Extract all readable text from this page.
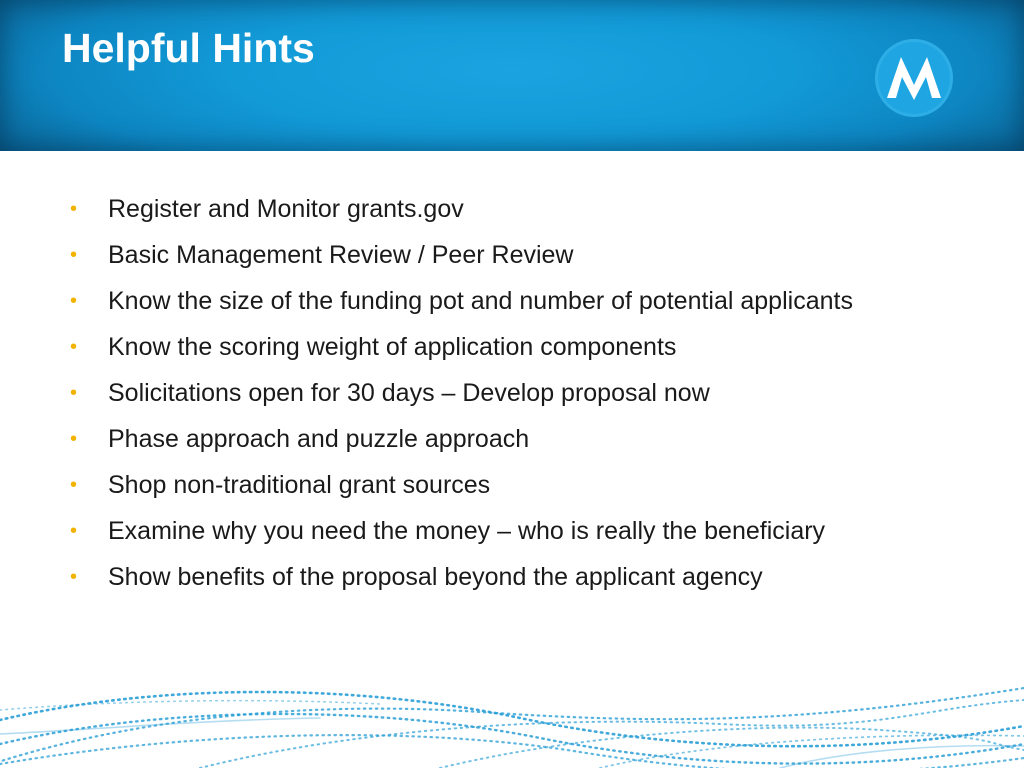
Helpful Hints
• Register and Monitor grants.gov
• Basic Management Review / Peer Review
• Know the size of the funding pot and number of potential applicants
• Know the scoring weight of application components
• Solicitations open for 30 days – Develop proposal now
• Phase approach and puzzle approach
• Shop non-traditional grant sources
• Examine why you need the money – who is really the beneficiary
• Show benefits of the proposal beyond the applicant agency
